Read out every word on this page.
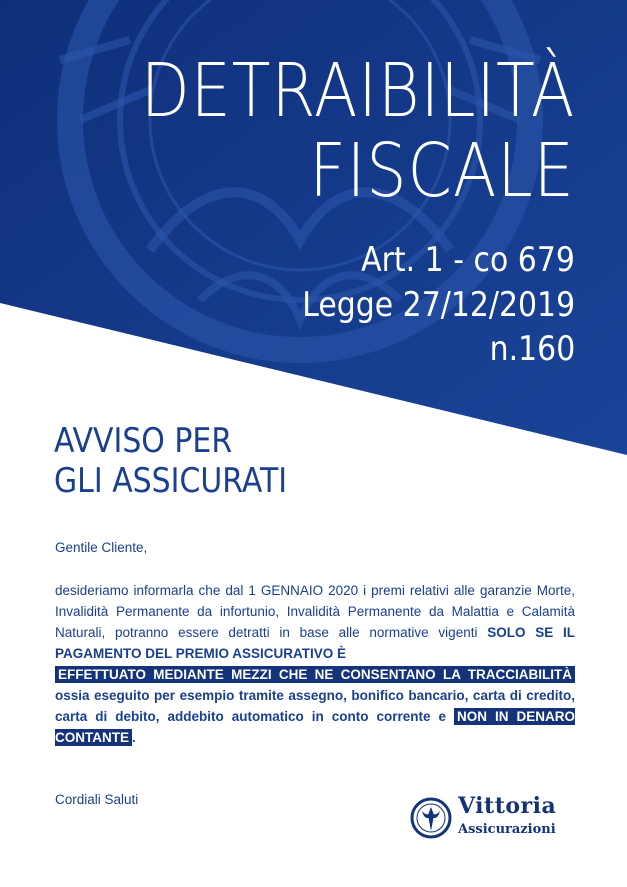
DETRAIBILITÀ
FISCALE
Art. 1 - co 679
Legge 27/12/2019
n.160
AVVISO PER
GLI ASSICURATI
Gentile Cliente,
desideriamo informarla che dal 1 GENNAIO 2020 i premi relativi alle garanzie Morte, Invalidità Permanente da infortunio, Invalidità Permanente da Malattia e Calamità Naturali, potranno essere detratti in base alle normative vigenti SOLO SE IL PAGAMENTO DEL PREMIO ASSICURATIVO È
EFFETTUATO MEDIANTE MEZZI CHE NE CONSENTANO LA TRACCIABILITÀ ossia eseguito per esempio tramite assegno, bonifico bancario, carta di credito, carta di debito, addebito automatico in conto corrente e NON IN DENARO CONTANTE .
Cordiali Saluti	Vittoria
Assicurazioni
